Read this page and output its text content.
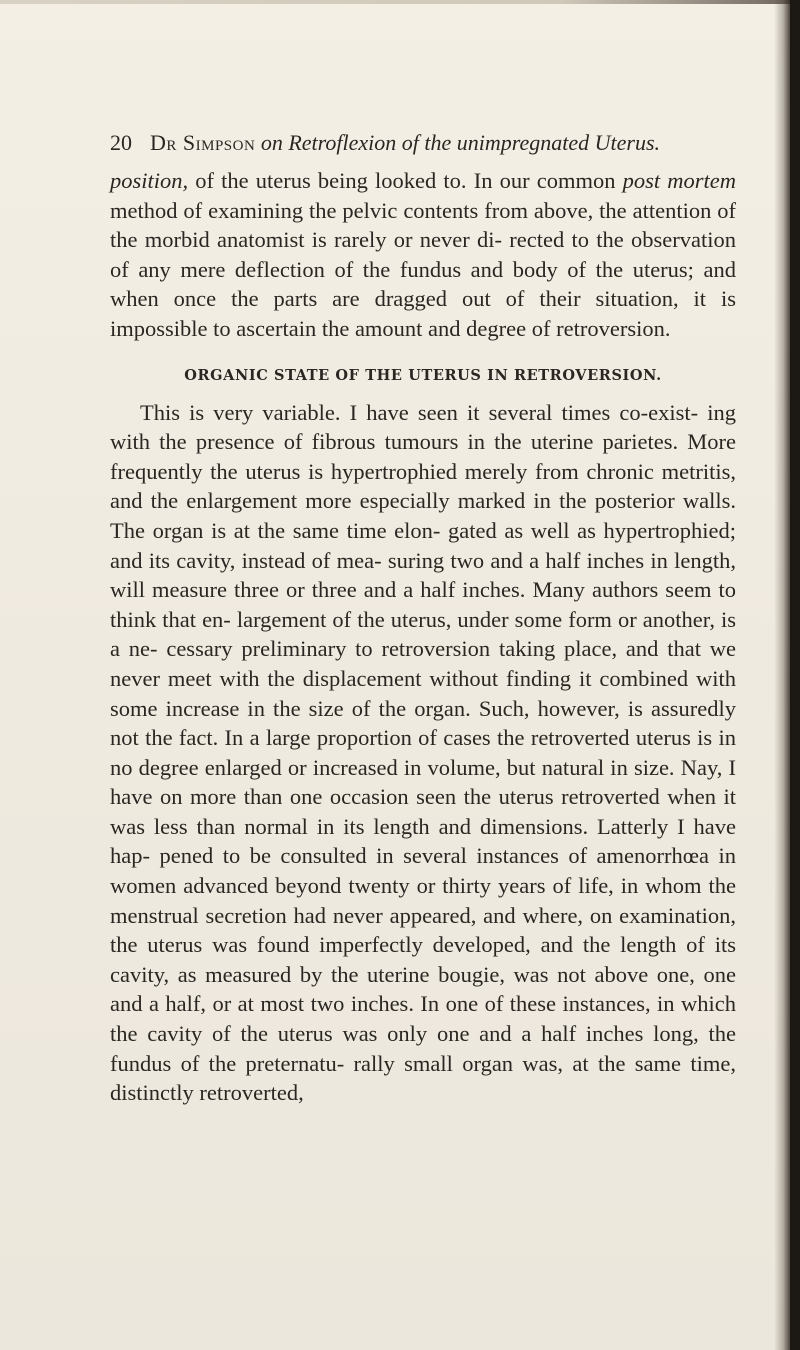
20 Dr Simpson on Retroflexion of the unimpregnated Uterus.

position, of the uterus being looked to. In our common post mortem method of examining the pelvic contents from above, the attention of the morbid anatomist is rarely or never di- rected to the observation of any mere deflection of the fundus and body of the uterus; and when once the parts are dragged out of their situation, it is impossible to ascertain the amount and degree of retroversion.

ORGANIC STATE OF THE UTERUS IN RETROVERSION.

This is very variable. I have seen it several times co-exist- ing with the presence of fibrous tumours in the uterine parietes. More frequently the uterus is hypertrophied merely from chronic metritis, and the enlargement more especially marked in the posterior walls. The organ is at the same time elon- gated as well as hypertrophied; and its cavity, instead of mea- suring two and a half inches in length, will measure three or three and a half inches. Many authors seem to think that en- largement of the uterus, under some form or another, is a ne- cessary preliminary to retroversion taking place, and that we never meet with the displacement without finding it combined with some increase in the size of the organ. Such, however, is assuredly not the fact. In a large proportion of cases the retroverted uterus is in no degree enlarged or increased in volume, but natural in size. Nay, I have on more than one occasion seen the uterus retroverted when it was less than normal in its length and dimensions. Latterly I have hap- pened to be consulted in several instances of amenorrhœa in women advanced beyond twenty or thirty years of life, in whom the menstrual secretion had never appeared, and where, on examination, the uterus was found imperfectly developed, and the length of its cavity, as measured by the uterine bougie, was not above one, one and a half, or at most two inches. In one of these instances, in which the cavity of the uterus was only one and a half inches long, the fundus of the preternatu- rally small organ was, at the same time, distinctly retroverted,
